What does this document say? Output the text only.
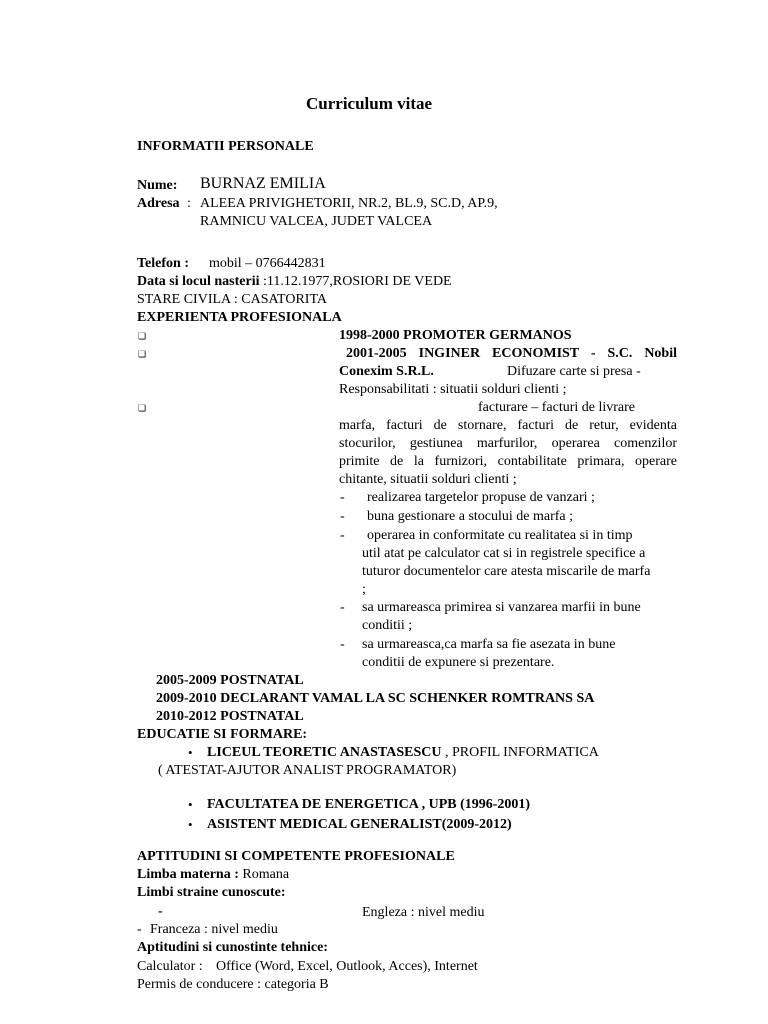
Curriculum vitae
INFORMATII PERSONALE
Nume: BURNAZ EMILIA
Adresa : ALEEA PRIVIGHETORII, NR.2, BL.9, SC.D, AP.9,
RAMNICU VALCEA, JUDET VALCEA
Telefon : mobil – 0766442831
Data si locul nasterii :11.12.1977,ROSIORI DE VEDE
STARE CIVILA : CASATORITA
EXPERIENTA PROFESIONALA
❏	1998-2000 PROMOTER GERMANOS
❏	2001-2005 INGINER ECONOMIST - S.C. Nobil
Conexim S.R.L.	Difuzare carte si presa -
Responsabilitati : situatii solduri clienti ;
❏	facturare – facturi de livrare
marfa, facturi de stornare, facturi de retur, evidenta
stocurilor, gestiunea marfurilor, operarea comenzilor
primite de la furnizori, contabilitate primara, operare
chitante, situatii solduri clienti ;
- realizarea targetelor propuse de vanzari ;
- buna gestionare a stocului de marfa ;
- operarea in conformitate cu realitatea si in timp
util atat pe calculator cat si in registrele specifice a
tuturor documentelor care atesta miscarile de marfa
;
- sa urmareasca primirea si vanzarea marfii in bune
conditii ;
- sa urmareasca,ca marfa sa fie asezata in bune
conditii de expunere si prezentare.
2005-2009 POSTNATAL
2009-2010 DECLARANT VAMAL LA SC SCHENKER ROMTRANS SA
2010-2012 POSTNATAL
EDUCATIE SI FORMARE:
• LICEUL TEORETIC ANASTASESCU , PROFIL INFORMATICA
( ATESTAT-AJUTOR ANALIST PROGRAMATOR)
• FACULTATEA DE ENERGETICA , UPB (1996-2001)
• ASISTENT MEDICAL GENERALIST(2009-2012)
APTITUDINI SI COMPETENTE PROFESIONALE
Limba materna : Romana
Limbi straine cunoscute:
-	Engleza : nivel mediu
- Franceza : nivel mediu
Aptitudini si cunostinte tehnice:
Calculator : Office (Word, Excel, Outlook, Acces), Internet
Permis de conducere : categoria B
